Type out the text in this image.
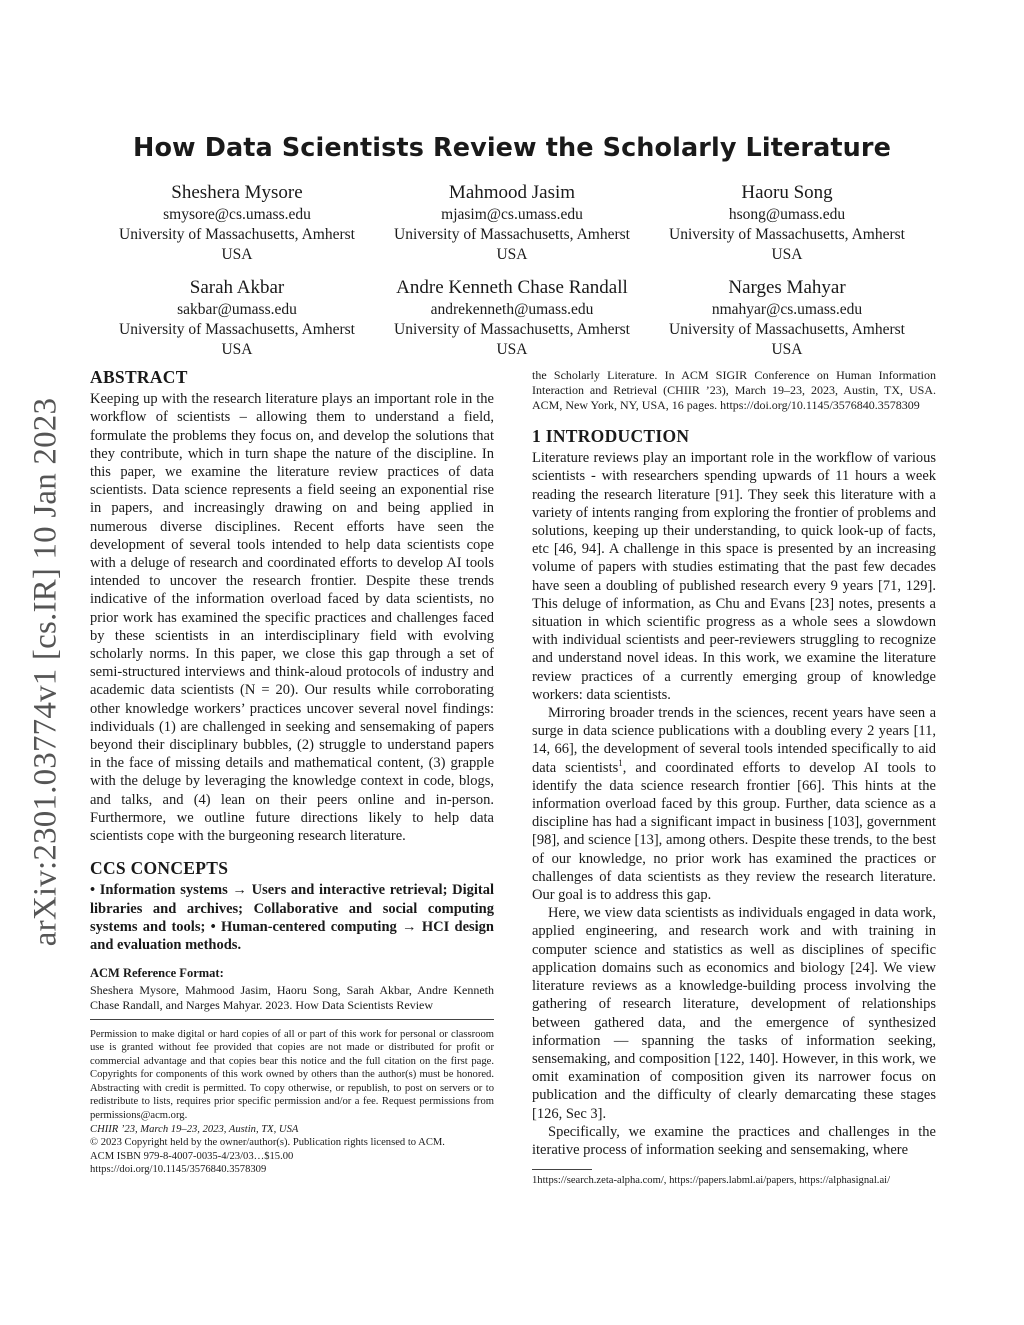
arXiv:2301.03774v1 [cs.IR] 10 Jan 2023
How Data Scientists Review the Scholarly Literature
Sheshera Mysore
smysore@cs.umass.edu
University of Massachusetts, Amherst
USA
Mahmood Jasim
mjasim@cs.umass.edu
University of Massachusetts, Amherst
USA
Haoru Song
hsong@umass.edu
University of Massachusetts, Amherst
USA
Sarah Akbar
sakbar@umass.edu
University of Massachusetts, Amherst
USA
Andre Kenneth Chase Randall
andrekenneth@umass.edu
University of Massachusetts, Amherst
USA
Narges Mahyar
nmahyar@cs.umass.edu
University of Massachusetts, Amherst
USA
ABSTRACT

Keeping up with the research literature plays an important role in the workflow of scientists – allowing them to understand a field, formulate the problems they focus on, and develop the solutions that they contribute, which in turn shape the nature of the discipline. In this paper, we examine the literature review practices of data scientists. Data science represents a field seeing an exponential rise in papers, and increasingly drawing on and being applied in numerous diverse disciplines. Recent efforts have seen the development of several tools intended to help data scientists cope with a deluge of research and coordinated efforts to develop AI tools intended to uncover the research frontier. Despite these trends indicative of the information overload faced by data scientists, no prior work has examined the specific practices and challenges faced by these scientists in an interdisciplinary field with evolving scholarly norms. In this paper, we close this gap through a set of semi-structured interviews and think-aloud protocols of industry and academic data scientists (N = 20). Our results while corroborating other knowledge workers’ practices uncover several novel findings: individuals (1) are challenged in seeking and sensemaking of papers beyond their disciplinary bubbles, (2) struggle to understand papers in the face of missing details and mathematical content, (3) grapple with the deluge by leveraging the knowledge context in code, blogs, and talks, and (4) lean on their peers online and in-person. Furthermore, we outline future directions likely to help data scientists cope with the burgeoning research literature.

CCS CONCEPTS

• Information systems → Users and interactive retrieval; Digital libraries and archives; Collaborative and social computing systems and tools; • Human-centered computing → HCI design and evaluation methods.

ACM Reference Format:

Sheshera Mysore, Mahmood Jasim, Haoru Song, Sarah Akbar, Andre Kenneth Chase Randall, and Narges Mahyar. 2023. How Data Scientists Review

Permission to make digital or hard copies of all or part of this work for personal or classroom use is granted without fee provided that copies are not made or distributed for profit or commercial advantage and that copies bear this notice and the full citation on the first page. Copyrights for components of this work owned by others than the author(s) must be honored. Abstracting with credit is permitted. To copy otherwise, or republish, to post on servers or to redistribute to lists, requires prior specific permission and/or a fee. Request permissions from permissions@acm.org.

CHIIR ’23, March 19–23, 2023, Austin, TX, USA

© 2023 Copyright held by the owner/author(s). Publication rights licensed to ACM.

ACM ISBN 979-8-4007-0035-4/23/03…$15.00

https://doi.org/10.1145/3576840.3578309

the Scholarly Literature. In ACM SIGIR Conference on Human Information Interaction and Retrieval (CHIIR ’23), March 19–23, 2023, Austin, TX, USA. ACM, New York, NY, USA, 16 pages. https://doi.org/10.1145/3576840.3578309

1 INTRODUCTION

Literature reviews play an important role in the workflow of various scientists - with researchers spending upwards of 11 hours a week reading the research literature [91]. They seek this literature with a variety of intents ranging from exploring the frontier of problems and solutions, keeping up their understanding, to quick look-up of facts, etc [46, 94]. A challenge in this space is presented by an increasing volume of papers with studies estimating that the past few decades have seen a doubling of published research every 9 years [71, 129]. This deluge of information, as Chu and Evans [23] notes, presents a situation in which scientific progress as a whole sees a slowdown with individual scientists and peer-reviewers struggling to recognize and understand novel ideas. In this work, we examine the literature review practices of a currently emerging group of knowledge workers: data scientists.

Mirroring broader trends in the sciences, recent years have seen a surge in data science publications with a doubling every 2 years [11, 14, 66], the development of several tools intended specifically to aid data scientists$^1$, and coordinated efforts to develop AI tools to identify the data science research frontier [66]. This hints at the information overload faced by this group. Further, data science as a discipline has had a significant impact in business [103], government [98], and science [13], among others. Despite these trends, to the best of our knowledge, no prior work has examined the practices or challenges of data scientists as they review the research literature. Our goal is to address this gap.

Here, we view data scientists as individuals engaged in data work, applied engineering, and research work and with training in computer science and statistics as well as disciplines of specific application domains such as economics and biology [24]. We view literature reviews as a knowledge-building process involving the gathering of research literature, development of relationships between gathered data, and the emergence of synthesized information — spanning the tasks of information seeking, sensemaking, and composition [122, 140]. However, in this work, we omit examination of composition given its narrower focus on publication and the difficulty of clearly demarcating these stages [126, Sec 3].

Specifically, we examine the practices and challenges in the iterative process of information seeking and sensemaking, where

1https://search.zeta-alpha.com/, https://papers.labml.ai/papers, https://alphasignal.ai/
